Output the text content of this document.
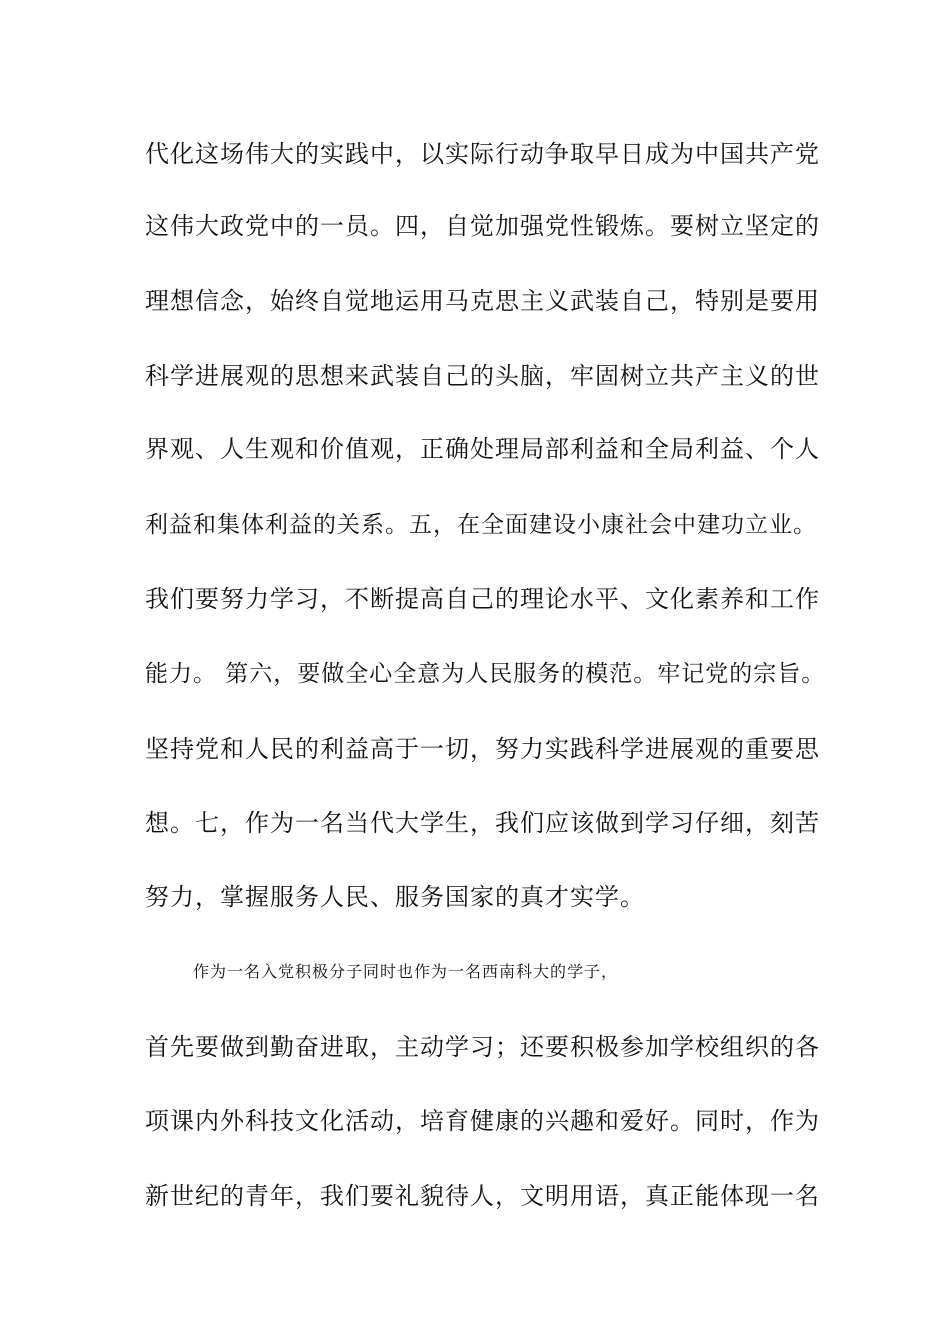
代化这场伟大的实践中，以实际行动争取早日成为中国共产党
这伟大政党中的一员。四，自觉加强党性锻炼。要树立坚定的
理想信念，始终自觉地运用马克思主义武装自己，特别是要用
科学进展观的思想来武装自己的头脑，牢固树立共产主义的世
界观、人生观和价值观，正确处理局部利益和全局利益、个人
利益和集体利益的关系。五，在全面建设小康社会中建功立业。
我们要努力学习，不断提高自己的理论水平、文化素养和工作
能力。 第六，要做全心全意为人民服务的模范。牢记党的宗旨。
坚持党和人民的利益高于一切，努力实践科学进展观的重要思
想。七，作为一名当代大学生，我们应该做到学习仔细，刻苦
努力，掌握服务人民、服务国家的真才实学。
作为一名入党积极分子同时也作为一名西南科大的学子，
首先要做到勤奋进取，主动学习；还要积极参加学校组织的各
项课内外科技文化活动，培育健康的兴趣和爱好。同时，作为
新世纪的青年，我们要礼貌待人，文明用语，真正能体现一名
